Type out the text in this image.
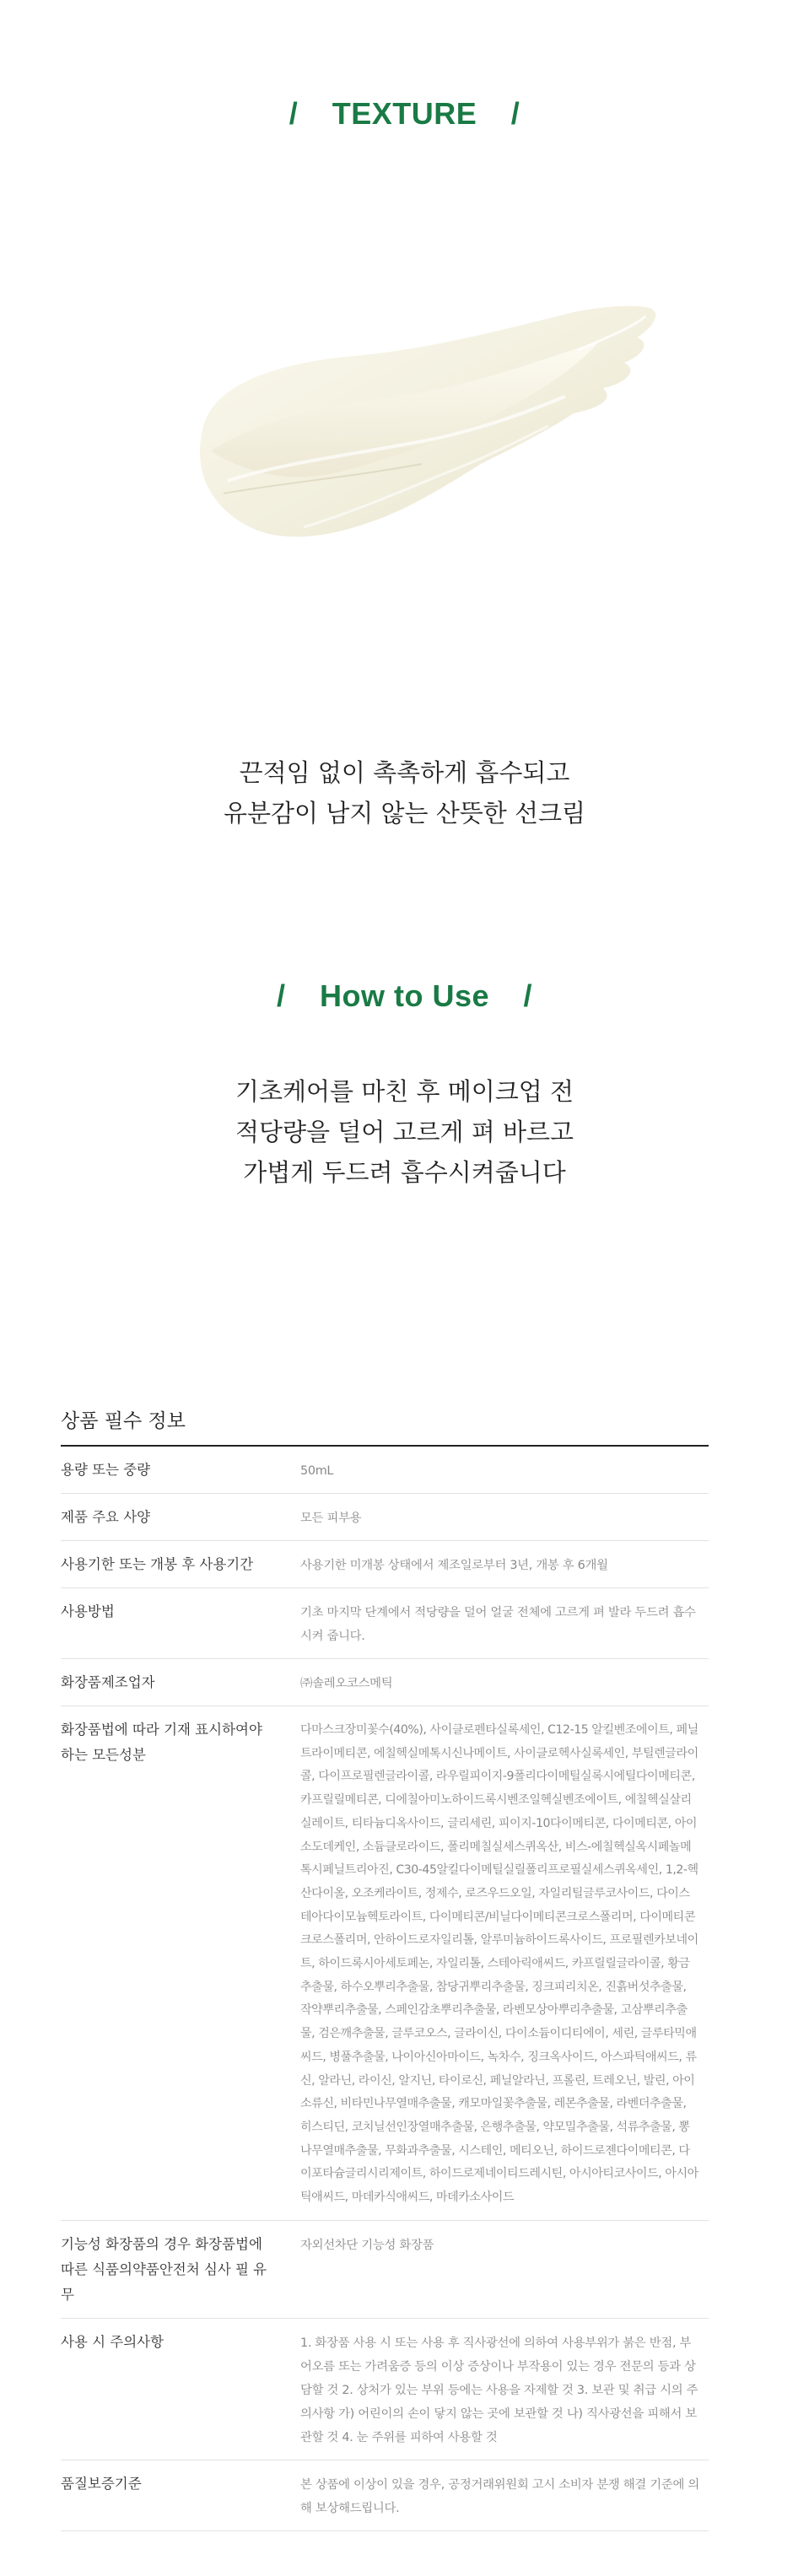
/ TEXTURE /
끈적임 없이 촉촉하게 흡수되고
유분감이 남지 않는 산뜻한 선크림
/ How to Use /
기초케어를 마친 후 메이크업 전
적당량을 덜어 고르게 펴 바르고
가볍게 두드려 흡수시켜줍니다
상품 필수 정보
용량 또는 중량	50mL
제품 주요 사양	모든 피부용
사용기한 또는 개봉 후 사용기간	사용기한 미개봉 상태에서 제조일로부터 3년, 개봉 후 6개월
사용방법	기초 마지막 단계에서 적당량을 덜어 얼굴 전체에 고르게 펴 발라 두드려 흡수시켜 줍니다.
화장품제조업자	㈜솔레오코스메틱
화장품법에 따라 기재 표시하여야 하는 모든성분	다마스크장미꽃수(40%), 사이클로펜타실록세인, C12-15 알킬벤조에이트, 페닐트라이메티콘, 에칠헥실메톡시신나메이트, 사이클로헥사실록세인, 부틸렌글라이콜, 다이프로필렌글라이콜, 라우릴피이지-9폴리다이메틸실록시에틸다이메티콘, 카프릴릴메티콘, 디에칠아미노하이드록시벤조일헥실벤조에이트, 에칠헥실살리실레이트, 티타늄디옥사이드, 글리세린, 피이지-10다이메티콘, 다이메티콘, 아이소도데케인, 소듐클로라이드, 폴리메칠실세스퀴옥산, 비스-에칠헥실옥시페놀메톡시페닐트리아진, C30-45알킬다이메틸실릴폴리프로필실세스퀴옥세인, 1,2-헥산다이올, 오조케라이트, 정제수, 로즈우드오일, 자일리틸글루코사이드, 다이스테아다이모늄헥토라이트, 다이메티콘/비닐다이메티콘크로스폴리머, 다이메티콘크로스폴리머, 안하이드로자일리톨, 알루미늄하이드록사이드, 프로필렌카보네이트, 하이드록시아세토페논, 자일리톨, 스테아릭애씨드, 카프릴릴글라이콜, 황금추출물, 하수오뿌리추출물, 참당귀뿌리추출물, 징크피리치온, 진흙버섯추출물, 작약뿌리추출물, 스페인감초뿌리추출물, 라벤모상아뿌리추출물, 고삼뿌리추출물, 검은깨추출물, 글루코오스, 글라이신, 다이소듐이디티에이, 세린, 글루타믹애씨드, 병풀추출물, 나이아신아마이드, 녹차수, 징크옥사이드, 아스파틱애씨드, 류신, 알라닌, 라이신, 알지닌, 타이로신, 페닐알라닌, 프롤린, 트레오닌, 발린, 아이소류신, 비타민나무열매추출물, 캐모마일꽃추출물, 레몬추출물, 라벤더추출물, 히스티딘, 코치닐선인장열매추출물, 은행추출물, 약모밀추출물, 석류추출물, 뽕나무열매추출물, 무화과추출물, 시스테인, 메티오닌, 하이드로젠다이메티콘, 다이포타슘글리시리제이트, 하이드로제네이티드레시틴, 아시아티코사이드, 아시아틱애씨드, 마데카식애씨드, 마데카소사이드
기능성 화장품의 경우 화장품법에 따른 식품의약품안전처 심사 필 유무	자외선차단 기능성 화장품
사용 시 주의사항	1. 화장품 사용 시 또는 사용 후 직사광선에 의하여 사용부위가 붉은 반점, 부어오름 또는 가려움증 등의 이상 증상이나 부작용이 있는 경우 전문의 등과 상담할 것 2. 상처가 있는 부위 등에는 사용을 자제할 것 3. 보관 및 취급 시의 주의사항 가) 어린이의 손이 닿지 않는 곳에 보관할 것 나) 직사광선을 피해서 보관할 것 4. 눈 주위를 피하여 사용할 것
품질보증기준	본 상품에 이상이 있을 경우, 공정거래위원회 고시 소비자 분쟁 해결 기준에 의해 보상해드립니다.
